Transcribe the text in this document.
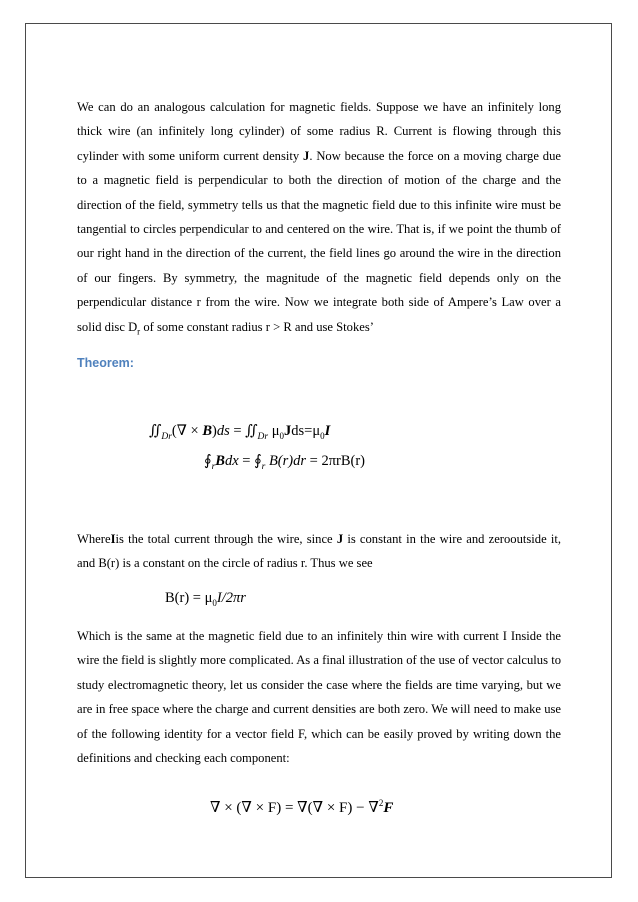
We can do an analogous calculation for magnetic fields. Suppose we have an infinitely long thick wire (an infinitely long cylinder) of some radius R. Current is flowing through this cylinder with some uniform current density J. Now because the force on a moving charge due to a magnetic field is perpendicular to both the direction of motion of the charge and the direction of the field, symmetry tells us that the magnetic field due to this infinite wire must be tangential to circles perpendicular to and centered on the wire. That is, if we point the thumb of our right hand in the direction of the current, the field lines go around the wire in the direction of our fingers. By symmetry, the magnitude of the magnetic field depends only on the perpendicular distance r from the wire. Now we integrate both side of Ampere’s Law over a solid disc $D_r$ of some constant radius r > R and use Stokes’

Theorem:

$∬_{Dr}(\nabla \times B)ds$ = $∬_{Dr}$ $\mu_0Jds=\mu_0I$
$∮_rBdx$ = $∮_r$ B(r)dr = 2πrB(r)

WhereIis the total current through the wire, since J is constant in the wire and zerooutside it, and B(r) is a constant on the circle of radius r. Thus we see

$B(r) = \mu_0I/2\pi r$

Which is the same at the magnetic field due to an infinitely thin wire with current I Inside the wire the field is slightly more complicated. As a final illustration of the use of vector calculus to study electromagnetic theory, let us consider the case where the fields are time varying, but we are in free space where the charge and current densities are both zero. We will need to make use of the following identity for a vector field F, which can be easily proved by writing down the definitions and checking each component:

∇ × (∇ × F) = ∇(∇ × F) − ∇$^2$F
